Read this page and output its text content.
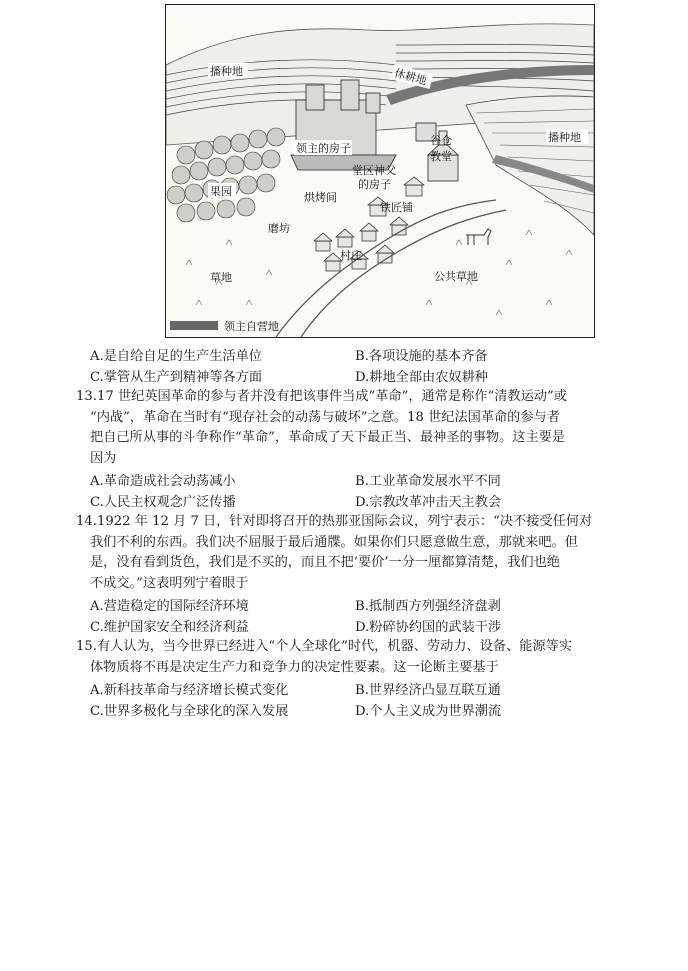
播种地	休耕地
播种地
领主的房子
谷仓
教堂
果园
堂区神父
的房子
烘烤间
铁匠铺
磨坊
草地
村庄
公共草地
领主自营地
A.是自给自足的生产生活单位	B.各项设施的基本齐备
C.掌管从生产到精神等各方面	D.耕地全部由农奴耕种
13.17 世纪英国革命的参与者并没有把该事件当成“革命”，通常是称作“清教运动”或
“内战”，革命在当时有“现存社会的动荡与破坏”之意。18 世纪法国革命的参与者
把自己所从事的斗争称作“革命”，革命成了天下最正当、最神圣的事物。这主要是
因为
A.革命造成社会动荡减小	B.工业革命发展水平不同
C.人民主权观念广泛传播	D.宗教改革冲击天主教会
14.1922 年 12 月 7 日，针对即将召开的热那亚国际会议，列宁表示：“决不接受任何对
我们不利的东西。我们决不屈服于最后通牒。如果你们只愿意做生意，那就来吧。但
是，没有看到货色，我们是不买的，而且不把‘要价’一分一厘都算清楚，我们也绝
不成交。”这表明列宁着眼于
A.营造稳定的国际经济环境	B.抵制西方列强经济盘剥
C.维护国家安全和经济利益	D.粉碎协约国的武装干涉
15.有人认为，当今世界已经进入“个人全球化”时代，机器、劳动力、设备、能源等实
体物质将不再是决定生产力和竞争力的决定性要素。这一论断主要基于
A.新科技革命与经济增长模式变化	B.世界经济凸显互联互通
C.世界多极化与全球化的深入发展	D.个人主义成为世界潮流
